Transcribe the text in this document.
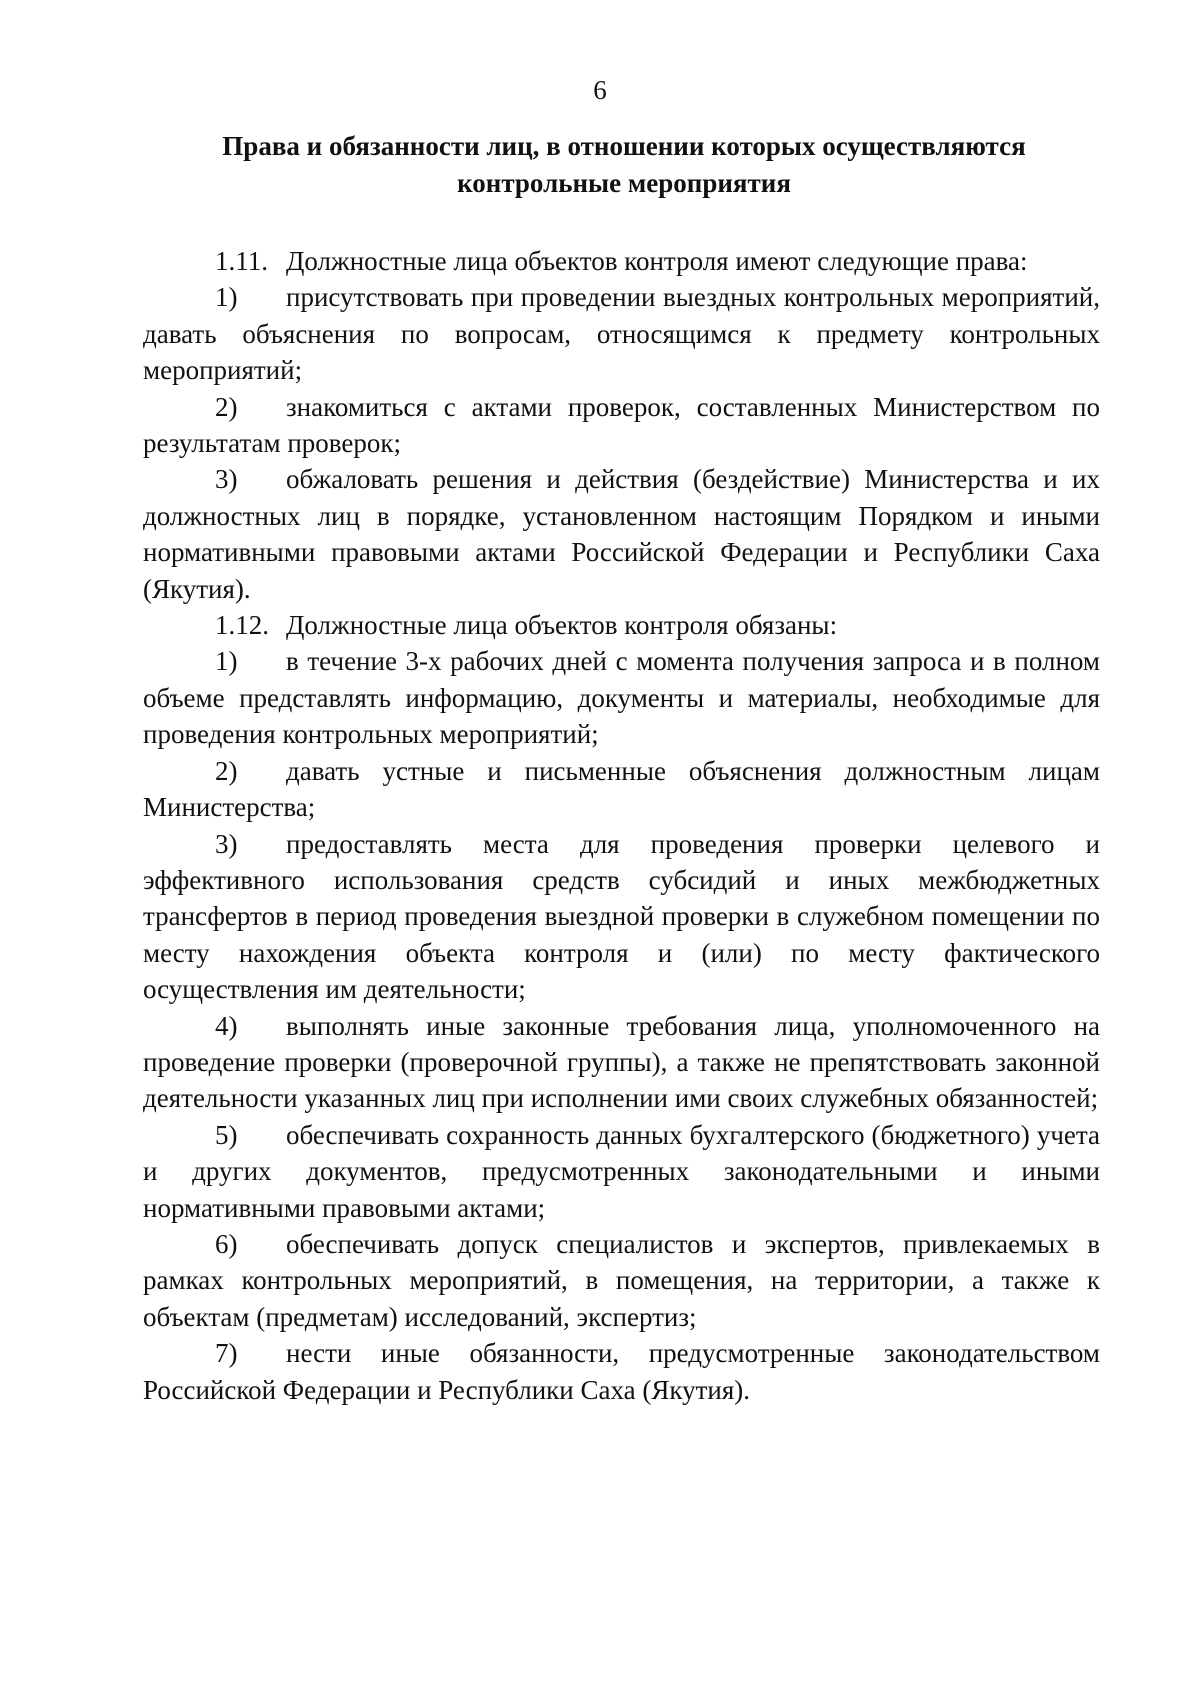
6
Права и обязанности лиц, в отношении которых осуществляются
контрольные мероприятия

1.11. Должностные лица объектов контроля имеют следующие права:

1) присутствовать при проведении выездных контрольных мероприятий, давать объяснения по вопросам, относящимся к предмету контрольных мероприятий;

2) знакомиться с актами проверок, составленных Министерством по результатам проверок;

3) обжаловать решения и действия (бездействие) Министерства и их должностных лиц в порядке, установленном настоящим Порядком и иными нормативными правовыми актами Российской Федерации и Республики Саха (Якутия).

1.12. Должностные лица объектов контроля обязаны:

1) в течение 3-х рабочих дней с момента получения запроса и в полном объеме представлять информацию, документы и материалы, необходимые для проведения контрольных мероприятий;

2) давать устные и письменные объяснения должностным лицам Министерства;

3) предоставлять места для проведения проверки целевого и эффективного использования средств субсидий и иных межбюджетных трансфертов в период проведения выездной проверки в служебном помещении по месту нахождения объекта контроля и (или) по месту фактического осуществления им деятельности;

4) выполнять иные законные требования лица, уполномоченного на проведение проверки (проверочной группы), а также не препятствовать законной деятельности указанных лиц при исполнении ими своих служебных обязанностей;

5) обеспечивать сохранность данных бухгалтерского (бюджетного) учета и других документов, предусмотренных законодательными и иными нормативными правовыми актами;

6) обеспечивать допуск специалистов и экспертов, привлекаемых в рамках контрольных мероприятий, в помещения, на территории, а также к объектам (предметам) исследований, экспертиз;

7) нести иные обязанности, предусмотренные законодательством Российской Федерации и Республики Саха (Якутия).
